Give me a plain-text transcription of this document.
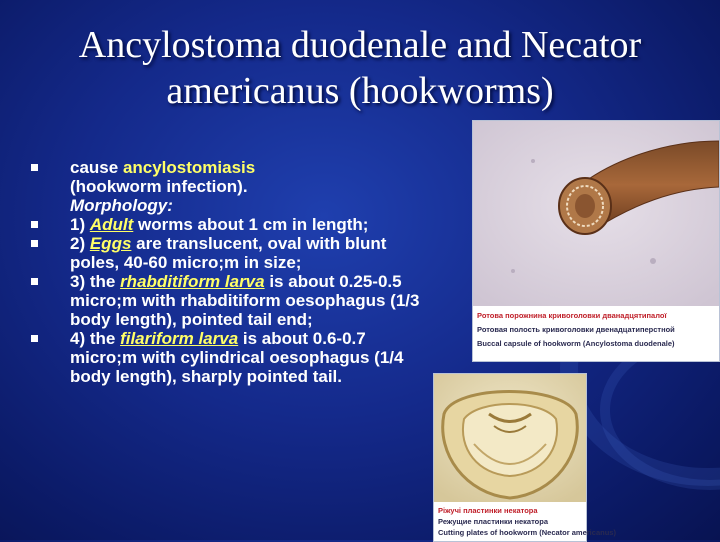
Ancylostoma duodenale and Necator
americanus (hookworms)
cause ancylostomiasis
(hookworm infection).
Morphology:
1) Adult worms about 1 cm in length;
2) Eggs are translucent, oval with blunt poles, 40-60 micro;m in size;
3) the rhabditiform larva is about 0.25-0.5 micro;m with rhabditiform oesophagus (1/3 body length), pointed tail end;
4) the filariform larva is about 0.6-0.7 micro;m with cylindrical oesophagus (1/4 body length), sharply pointed tail.
Ротова порожнина кривоголовки дванадцятипалої
Ротовая полость кривоголовки двенадцатиперстной
Buccal capsule of hookworm (Ancylostoma duodenale)
Ріжучі пластинки некатора
Режущие пластинки некатора
Cutting plates of hookworm (Necator americanus)
